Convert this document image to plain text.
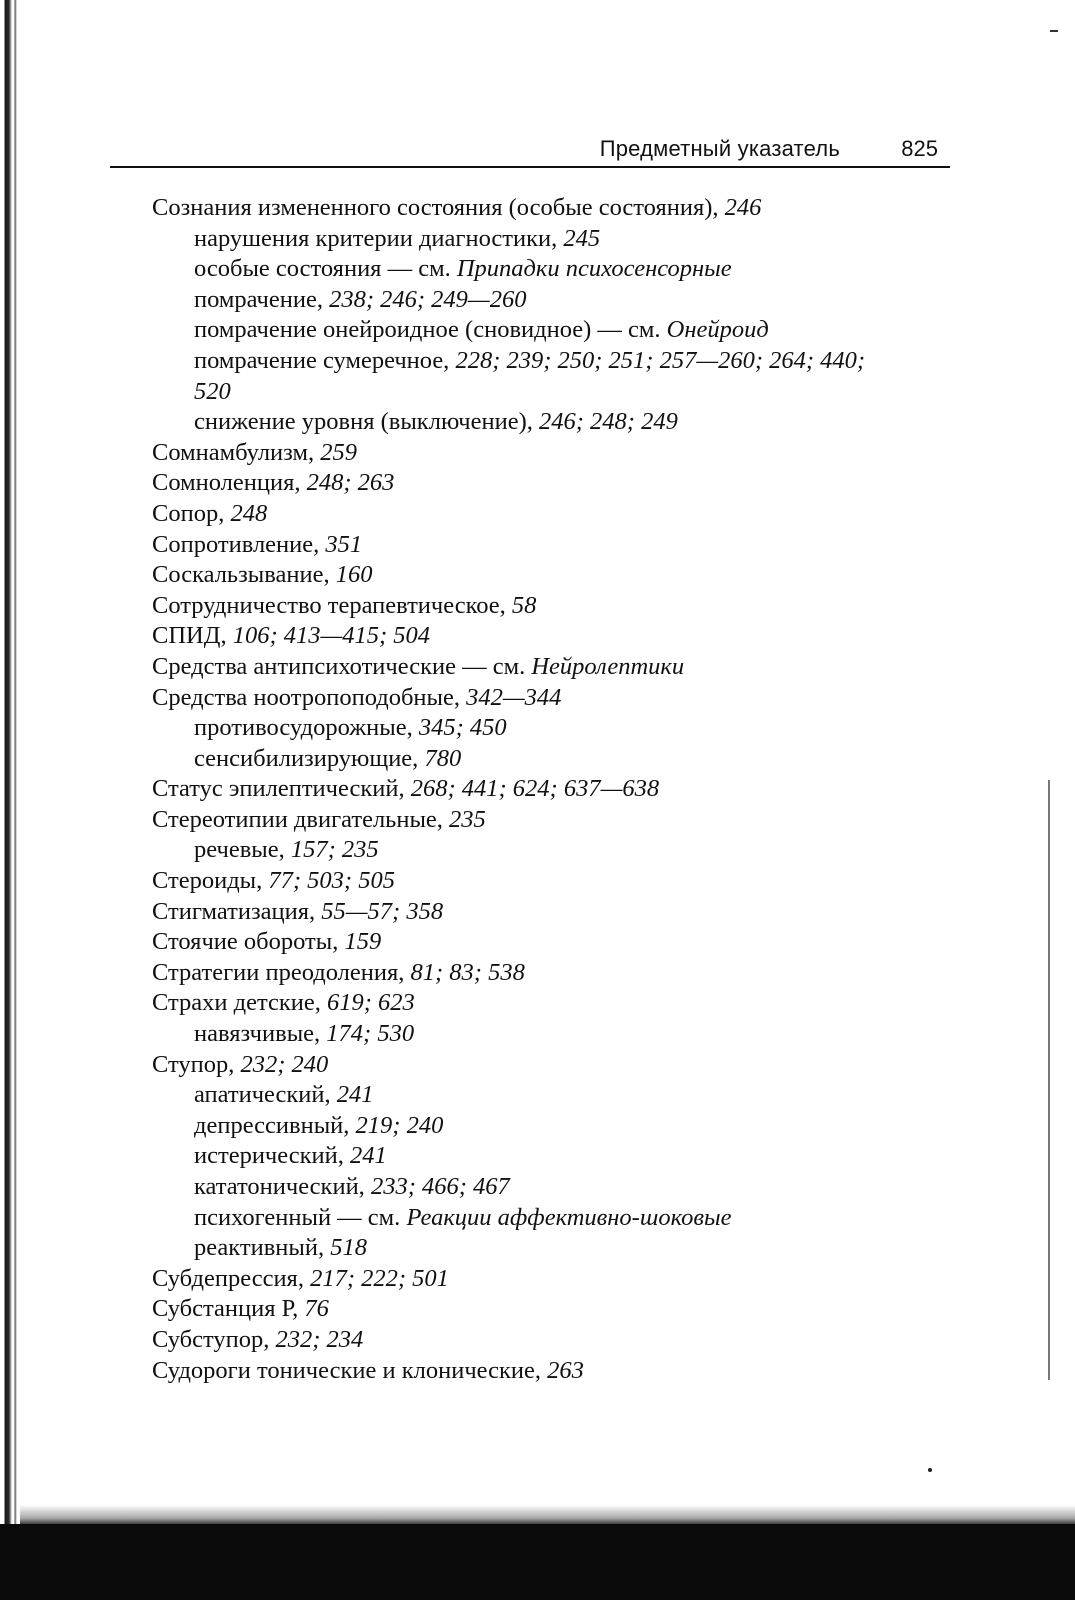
Предметный указатель	825
Сознания измененного состояния (особые состояния), 246
нарушения критерии диагностики, 245
особые состояния — см. Припадки психосенсорные
помрачение, 238; 246; 249—260
помрачение онейроидное (сновидное) — см. Онейроид
помрачение сумеречное, 228; 239; 250; 251; 257—260; 264; 440;
520
снижение уровня (выключение), 246; 248; 249
Сомнамбулизм, 259
Сомноленция, 248; 263
Сопор, 248
Сопротивление, 351
Соскальзывание, 160
Сотрудничество терапевтическое, 58
СПИД, 106; 413—415; 504
Средства антипсихотические — см. Нейролептики
Средства ноотропоподобные, 342—344
противосудорожные, 345; 450
сенсибилизирующие, 780
Статус эпилептический, 268; 441; 624; 637—638
Стереотипии двигательные, 235
речевые, 157; 235
Стероиды, 77; 503; 505
Стигматизация, 55—57; 358
Стоячие обороты, 159
Стратегии преодоления, 81; 83; 538
Страхи детские, 619; 623
навязчивые, 174; 530
Ступор, 232; 240
апатический, 241
депрессивный, 219; 240
истерический, 241
кататонический, 233; 466; 467
психогенный — см. Реакции аффективно-шоковые
реактивный, 518
Субдепрессия, 217; 222; 501
Субстанция Р, 76
Субступор, 232; 234
Судороги тонические и клонические, 263
